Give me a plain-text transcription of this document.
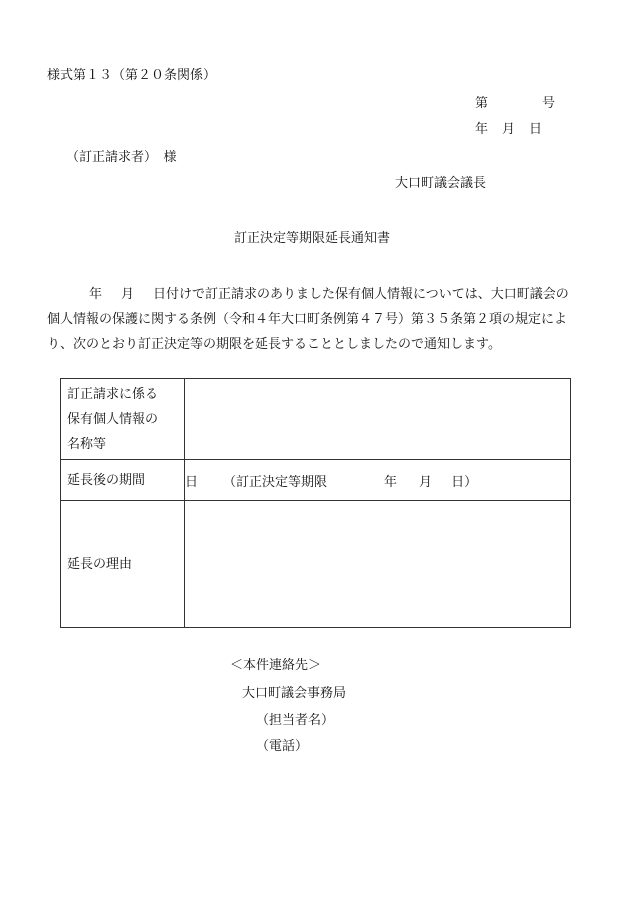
様式第１３（第２０条関係）
第	号
年 月 日
（訂正請求者）　様
大口町議会議長
訂正決定等期限延長通知書
年 月 日付けで訂正請求のありました保有個人情報については、大口町議会の
個人情報の保護に関する条例（令和４年大口町条例第４７号）第３５条第２項の規定によ
り、次のとおり訂正決定等の期限を延長することとしましたので通知します。
訂正請求に係る
保有個人情報の
名称等	

延長後の期間	日 （訂正決定等期限 年 月 日）
延長の理由	
＜本件連絡先＞
大口町議会事務局
（担当者名）
（電話）
